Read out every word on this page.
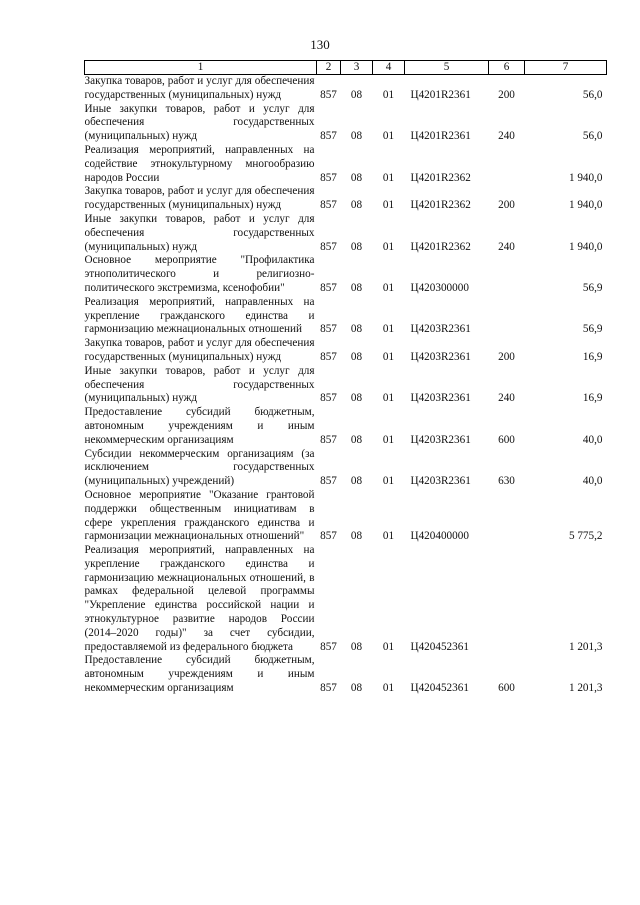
130
1	2	3	4	5	6	7
Закупка товаров, работ и услуг для обеспечения государственных (муниципальных) нужд	857	08	01	Ц4201R2361	200	56,0
Иные закупки товаров, работ и услуг для обеспечения государственных (муниципальных) нужд	857	08	01	Ц4201R2361	240	56,0
Реализация мероприятий, направленных на содействие этнокультурному многообразию народов России	857	08	01	Ц4201R2362		1 940,0
Закупка товаров, работ и услуг для обеспечения государственных (муниципальных) нужд	857	08	01	Ц4201R2362	200	1 940,0
Иные закупки товаров, работ и услуг для обеспечения государственных (муниципальных) нужд	857	08	01	Ц4201R2362	240	1 940,0
Основное мероприятие "Профилактика этнополитического и религиозно-политического экстремизма, ксенофобии"	857	08	01	Ц420300000		56,9
Реализация мероприятий, направленных на укрепление гражданского единства и гармонизацию межнациональных отношений	857	08	01	Ц4203R2361		56,9
Закупка товаров, работ и услуг для обеспечения государственных (муниципальных) нужд	857	08	01	Ц4203R2361	200	16,9
Иные закупки товаров, работ и услуг для обеспечения государственных (муниципальных) нужд	857	08	01	Ц4203R2361	240	16,9
Предоставление субсидий бюджетным, автономным учреждениям и иным некоммерческим организациям	857	08	01	Ц4203R2361	600	40,0
Субсидии некоммерческим организациям (за исключением государственных (муниципальных) учреждений)	857	08	01	Ц4203R2361	630	40,0
Основное мероприятие "Оказание грантовой поддержки общественным инициативам в сфере укрепления гражданского единства и гармонизации межнациональных отношений"	857	08	01	Ц420400000		5 775,2
Реализация мероприятий, направленных на укрепление гражданского единства и гармонизацию межнациональных отношений, в рамках федеральной целевой программы "Укрепление единства российской нации и этнокультурное развитие народов России (2014–2020 годы)" за счет субсидии, предоставляемой из федерального бюджета	857	08	01	Ц420452361		1 201,3
Предоставление субсидий бюджетным, автономным учреждениям и иным некоммерческим организациям	857	08	01	Ц420452361	600	1 201,3
